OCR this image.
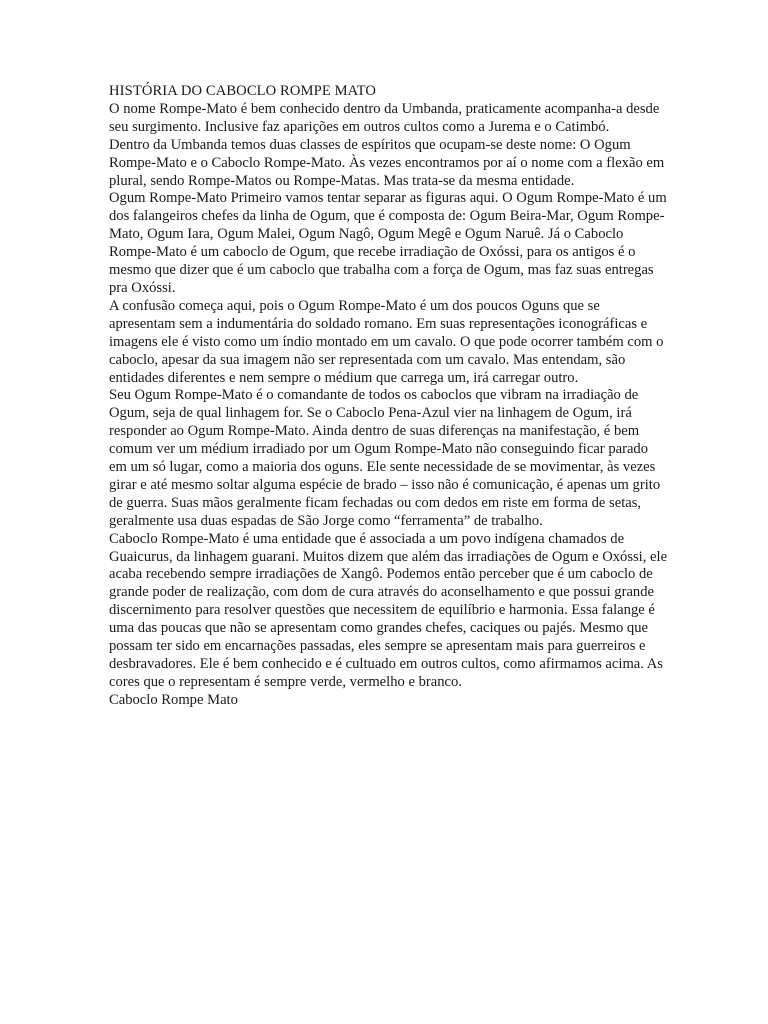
HISTÓRIA DO CABOCLO ROMPE MATO

O nome Rompe-Mato é bem conhecido dentro da Umbanda, praticamente acompanha-a desde seu surgimento. Inclusive faz aparições em outros cultos como a Jurema e o Catimbó.

Dentro da Umbanda temos duas classes de espíritos que ocupam-se deste nome: O Ogum Rompe-Mato e o Caboclo Rompe-Mato. Às vezes encontramos por aí o nome com a flexão em plural, sendo Rompe-Matos ou Rompe-Matas. Mas trata-se da mesma entidade.

Ogum Rompe-Mato Primeiro vamos tentar separar as figuras aqui. O Ogum Rompe-Mato é um dos falangeiros chefes da linha de Ogum, que é composta de: Ogum Beira-Mar, Ogum Rompe-Mato, Ogum Iara, Ogum Malei, Ogum Nagô, Ogum Megê e Ogum Naruê. Já o Caboclo Rompe-Mato é um caboclo de Ogum, que recebe irradiação de Oxóssi, para os antigos é o mesmo que dizer que é um caboclo que trabalha com a força de Ogum, mas faz suas entregas pra Oxóssi.

A confusão começa aqui, pois o Ogum Rompe-Mato é um dos poucos Oguns que se apresentam sem a indumentária do soldado romano. Em suas representações iconográficas e imagens ele é visto como um índio montado em um cavalo. O que pode ocorrer também com o caboclo, apesar da sua imagem não ser representada com um cavalo. Mas entendam, são entidades diferentes e nem sempre o médium que carrega um, irá carregar outro.

Seu Ogum Rompe-Mato é o comandante de todos os caboclos que vibram na irradiação de Ogum, seja de qual linhagem for. Se o Caboclo Pena-Azul vier na linhagem de Ogum, irá responder ao Ogum Rompe-Mato. Ainda dentro de suas diferenças na manifestação, é bem comum ver um médium irradiado por um Ogum Rompe-Mato não conseguindo ficar parado em um só lugar, como a maioria dos oguns. Ele sente necessidade de se movimentar, às vezes girar e até mesmo soltar alguma espécie de brado – isso não é comunicação, é apenas um grito de guerra. Suas mãos geralmente ficam fechadas ou com dedos em riste em forma de setas, geralmente usa duas espadas de São Jorge como “ferramenta” de trabalho.

Caboclo Rompe-Mato é uma entidade que é associada a um povo indígena chamados de Guaicurus, da linhagem guarani. Muitos dizem que além das irradiações de Ogum e Oxóssi, ele acaba recebendo sempre irradiações de Xangô. Podemos então perceber que é um caboclo de grande poder de realização, com dom de cura através do aconselhamento e que possui grande discernimento para resolver questões que necessitem de equilíbrio e harmonia. Essa falange é uma das poucas que não se apresentam como grandes chefes, caciques ou pajés. Mesmo que possam ter sido em encarnações passadas, eles sempre se apresentam mais para guerreiros e desbravadores. Ele é bem conhecido e é cultuado em outros cultos, como afirmamos acima. As cores que o representam é sempre verde, vermelho e branco.

Caboclo Rompe Mato
